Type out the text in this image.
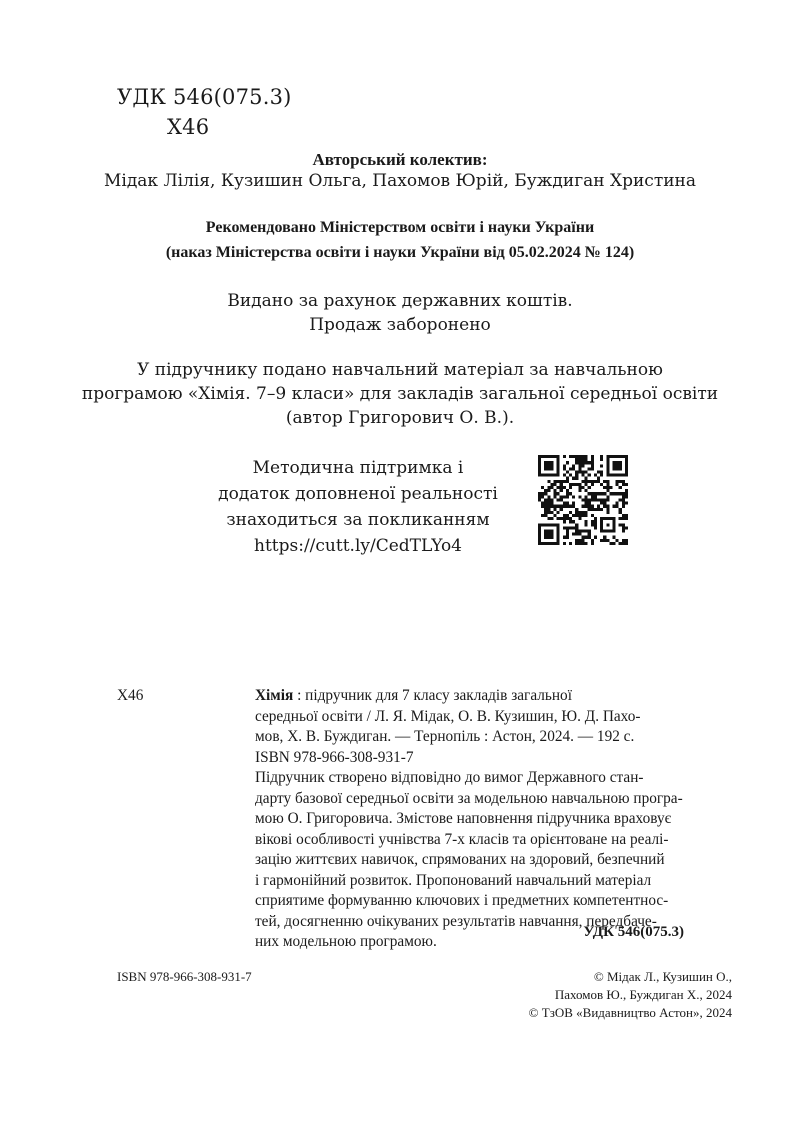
УДК 546(075.3)
Х46
Авторський колектив:
Мідак Лілія, Кузишин Ольга, Пахомов Юрій, Буждиган Христина
Рекомендовано Міністерством освіти і науки України
(наказ Міністерства освіти і науки України від 05.02.2024 № 124)
Видано за рахунок державних коштів.
Продаж заборонено
У підручнику подано навчальний матеріал за навчальною
програмою «Хімія. 7–9 класи» для закладів загальної середньої освіти
(автор Григорович О. В.).
Методична підтримка і
додаток доповненої реальності
знаходиться за покликанням
https://cutt.ly/CedTLYo4
Х46	Хімія : підручник для 7 класу закладів загальної
середньої освіти / Л. Я. Мідак, О. В. Кузишин, Ю. Д. Пахо-
мов, Х. В. Буждиган. — Тернопіль : Астон, 2024. — 192 с.
ISBN 978-966-308-931-7
Підручник створено відповідно до вимог Державного стан-
дарту базової середньої освіти за модельною навчальною програ-
мою О. Григоровича. Змістове наповнення підручника враховує
вікові особливості учнівства 7-х класів та орієнтоване на реалі-
зацію життєвих навичок, спрямованих на здоровий, безпечний
і гармонійний розвиток. Пропонований навчальний матеріал
сприятиме формуванню ключових і предметних компетентнос-
тей, досягненню очікуваних результатів навчання, передбаче-
них модельною програмою.
УДК 546(075.3)
ISBN 978-966-308-931-7	© Мідак Л., Кузишин О.,
Пахомов Ю., Буждиган Х., 2024
© ТзОВ «Видавництво Астон», 2024
